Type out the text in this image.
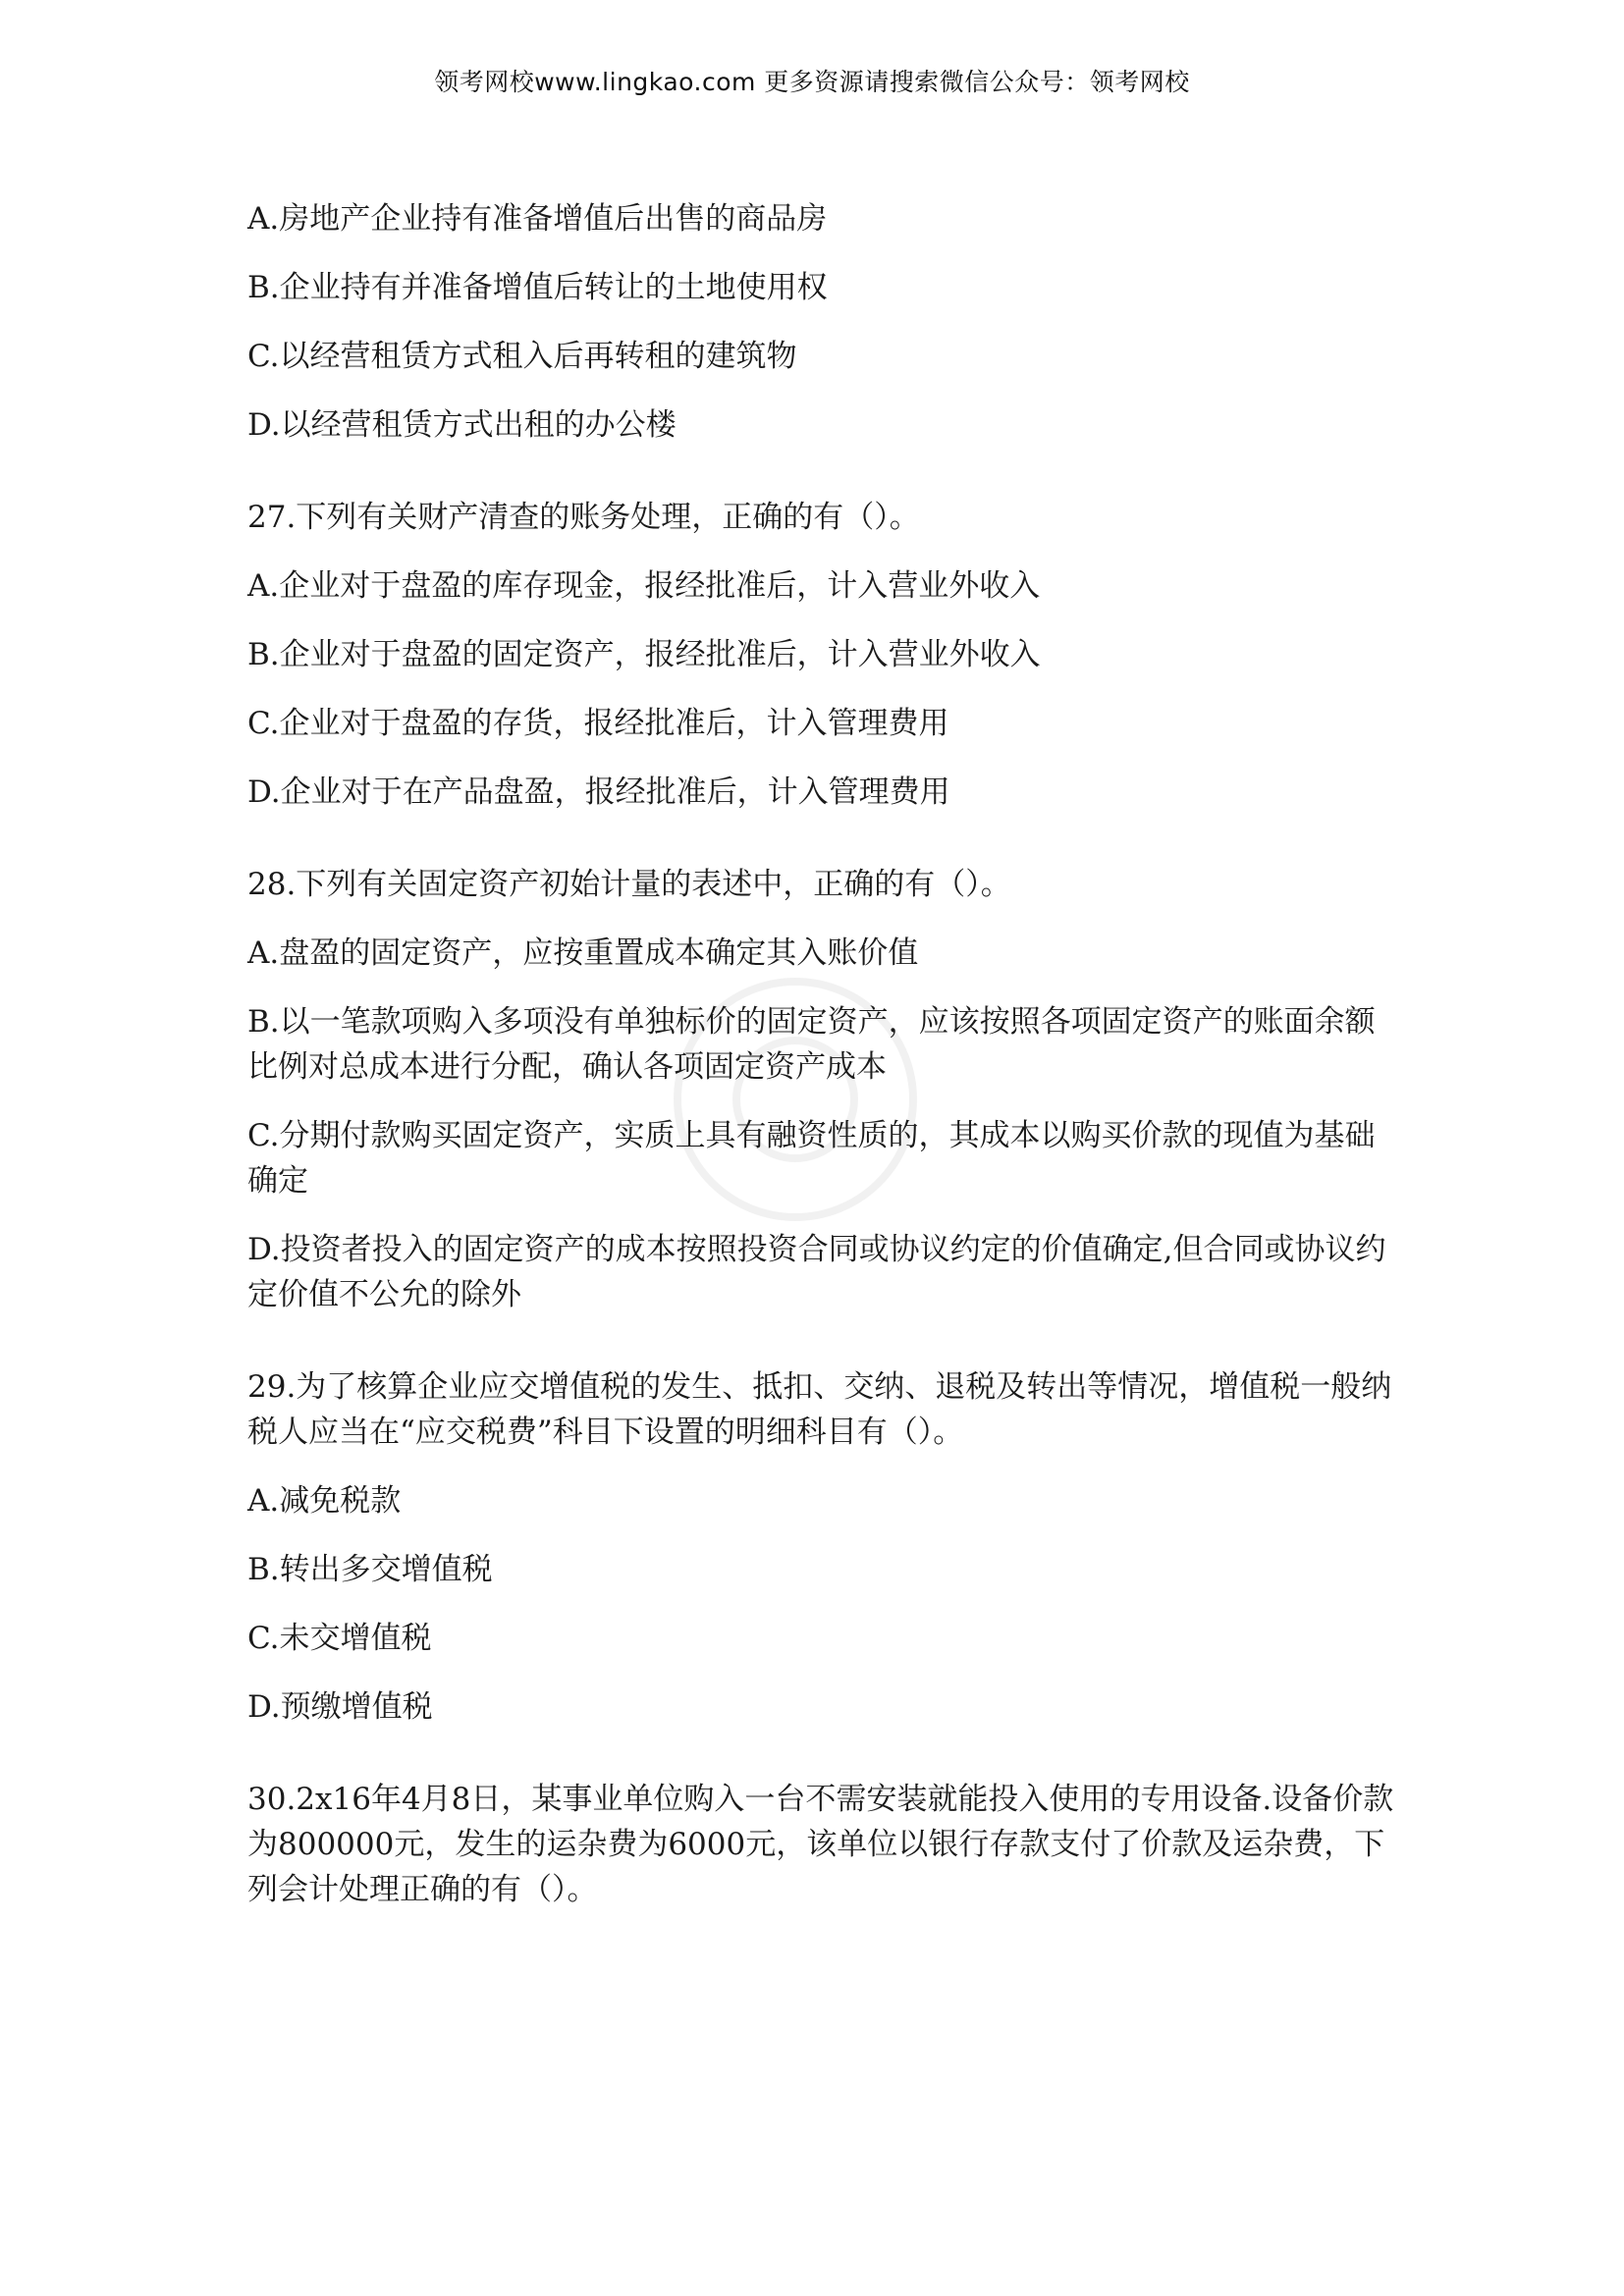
领考网校www.lingkao.com 更多资源请搜索微信公众号：领考网校
A.房地产企业持有准备增值后出售的商品房
B.企业持有并准备增值后转让的土地使用权
C.以经营租赁方式租入后再转租的建筑物
D.以经营租赁方式出租的办公楼
27.下列有关财产清查的账务处理，正确的有（）。
A.企业对于盘盈的库存现金，报经批准后，计入营业外收入
B.企业对于盘盈的固定资产，报经批准后，计入营业外收入
C.企业对于盘盈的存货，报经批准后，计入管理费用
D.企业对于在产品盘盈，报经批准后，计入管理费用
28.下列有关固定资产初始计量的表述中，正确的有（）。
A.盘盈的固定资产，应按重置成本确定其入账价值
B.以一笔款项购入多项没有单独标价的固定资产，应该按照各项固定资产的账面余额比例对总成本进行分配，确认各项固定资产成本
C.分期付款购买固定资产，实质上具有融资性质的，其成本以购买价款的现值为基础确定
D.投资者投入的固定资产的成本按照投资合同或协议约定的价值确定,但合同或协议约定价值不公允的除外
29.为了核算企业应交增值税的发生、抵扣、交纳、退税及转出等情况，增值税一般纳税人应当在“应交税费”科目下设置的明细科目有（）。
A.减免税款
B.转出多交增值税
C.未交增值税
D.预缴增值税
30.2x16年4月8日，某事业单位购入一台不需安装就能投入使用的专用设备.设备价款为800000元，发生的运杂费为6000元，该单位以银行存款支付了价款及运杂费，下列会计处理正确的有（）。
